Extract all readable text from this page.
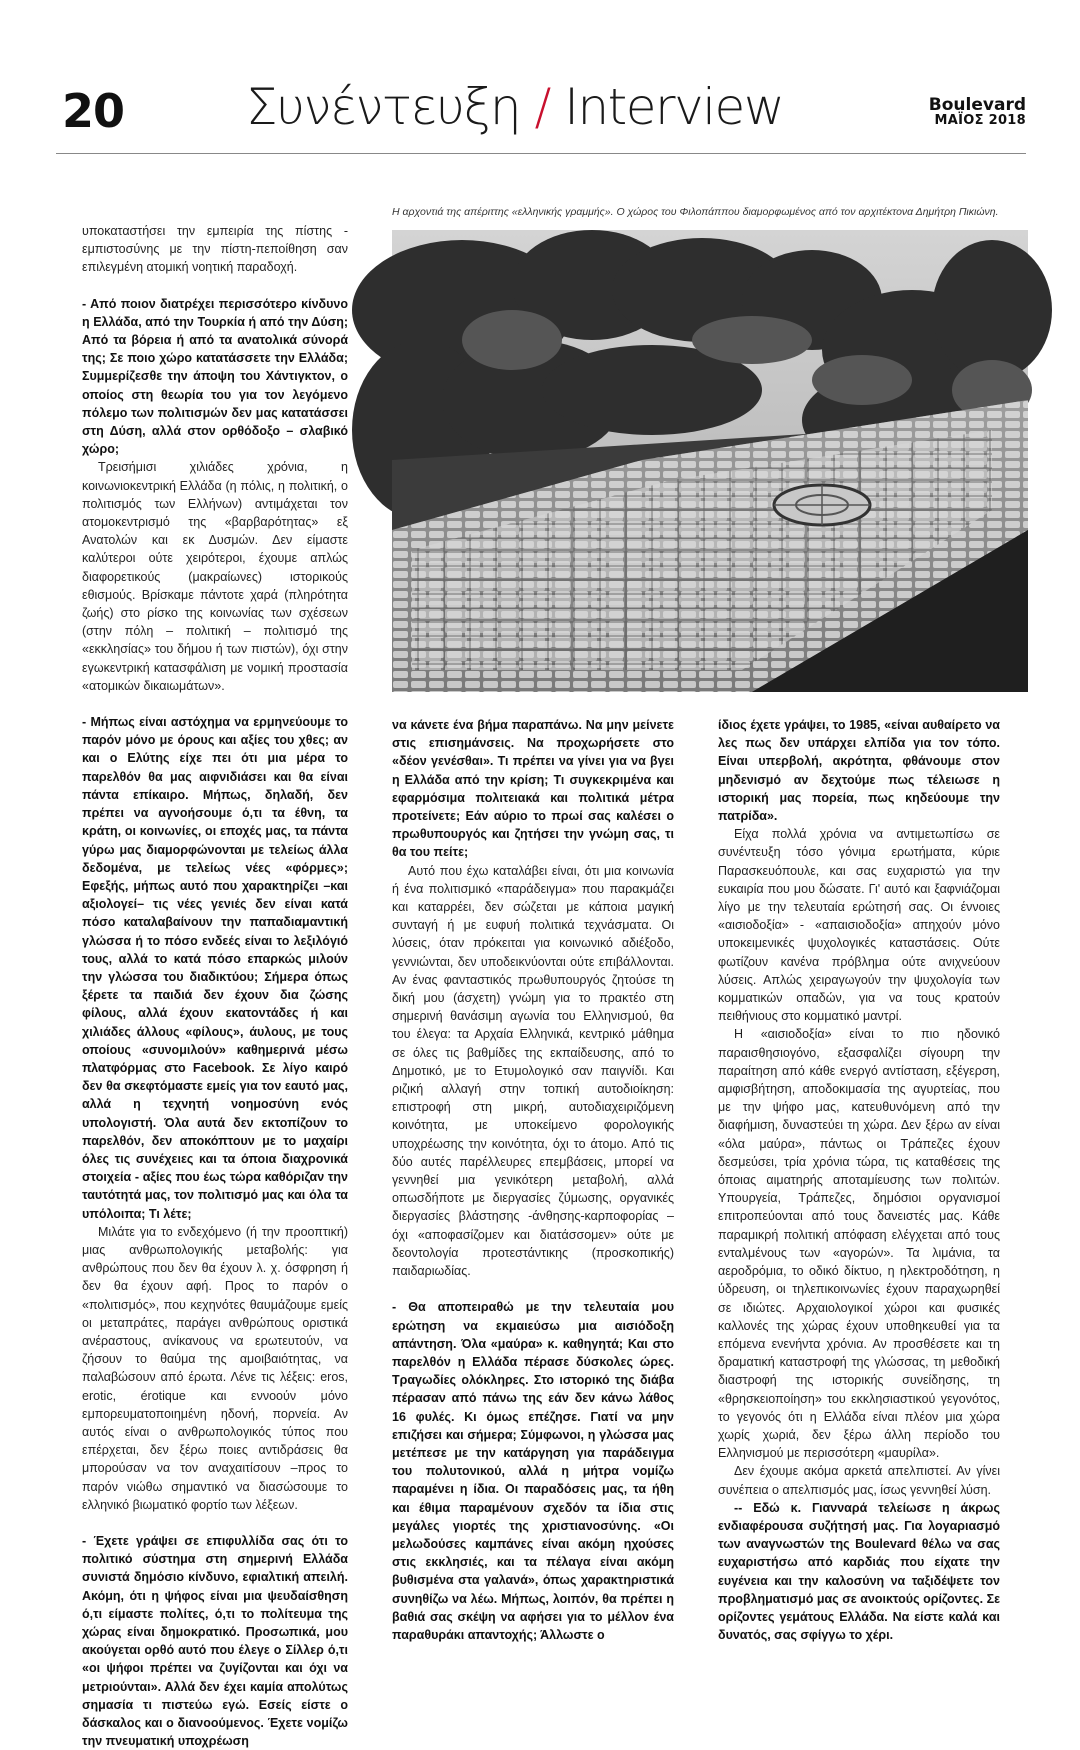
20 Συνέντευξη / Interview	Boulevard
ΜΑΪΟΣ 2018
Η αρχοντιά της απέριττης «ελληνικής γραμμής». Ο χώρος του Φιλοπάππου διαμορφωμένος από τον αρχιτέκτονα Δημήτρη Πικιώνη.

υποκαταστήσει την εμπειρία της πίστης - εμπιστοσύνης με την πίστη-πεποίθηση σαν επιλεγμένη ατομική νοητική παραδοχή.

- Από ποιον διατρέχει περισσότερο κίνδυνο η Ελλάδα, από την Τουρκία ή από την Δύση; Από τα βόρεια ή από τα ανατολικά σύνορά της; Σε ποιο χώρο κατατάσσετε την Ελλάδα; Συμμερίζεσθε την άποψη του Χάντιγκτον, ο οποίος στη θεωρία του για τον λεγόμενο πόλεμο των πολιτισμών δεν μας κατατάσσει στη Δύση, αλλά στον ορθόδοξο – σλαβικό χώρο;

Τρεισήμισι χιλιάδες χρόνια, η κοινωνιοκεντρική Ελλάδα (η πόλις, η πολιτική, ο πολιτισμός των Ελλήνων) αντιμάχεται τον ατομοκεντρισμό της «βαρβαρότητας» εξ Ανατολών και εκ Δυσμών. Δεν είμαστε καλύτεροι ούτε χειρότεροι, έχουμε απλώς διαφορετικούς (μακραίωνες) ιστορικούς εθισμούς. Βρίσκαμε πάντοτε χαρά (πληρότητα ζωής) στο ρίσκο της κοινωνίας των σχέσεων (στην πόλη – πολιτική – πολιτισμό της «εκκλησίας» του δήμου ή των πιστών), όχι στην εγωκεντρική κατασφάλιση με νομική προστασία «ατομικών δικαιωμάτων».

- Μήπως είναι αστόχημα να ερμηνεύουμε το παρόν μόνο με όρους και αξίες του χθες; αν και ο Ελύτης είχε πει ότι μια μέρα το παρελθόν θα μας αιφνιδιάσει και θα είναι πάντα επίκαιρο. Μήπως, δηλαδή, δεν πρέπει να αγνοήσουμε ό,τι τα έθνη, τα κράτη, οι κοινωνίες, οι εποχές μας, τα πάντα γύρω μας διαμορφώνονται με τελείως άλλα δεδομένα, με τελείως νέες «φόρμες»; Εφεξής, μήπως αυτό που χαρακτηρίζει –και αξιολογεί– τις νέες γενιές δεν είναι κατά πόσο καταλαβαίνουν την παπαδιαμαντική γλώσσα ή το πόσο ενδεές είναι το λεξιλόγιό τους, αλλά το κατά πόσο επαρκώς μιλούν την γλώσσα του διαδικτύου; Σήμερα όπως ξέρετε τα παιδιά δεν έχουν δια ζώσης φίλους, αλλά έχουν εκατοντάδες ή και χιλιάδες άλλους «φίλους», άυλους, με τους οποίους «συνομιλούν» καθημερινά μέσω πλατφόρμας στο Facebook. Σε λίγο καιρό δεν θα σκεφτόμαστε εμείς για τον εαυτό μας, αλλά η τεχνητή νοημοσύνη ενός υπολογιστή. Όλα αυτά δεν εκτοπίζουν το παρελθόν, δεν αποκόπτουν με το μαχαίρι όλες τις συνέχειες και τα όποια διαχρονικά στοιχεία - αξίες που έως τώρα καθόριζαν την ταυτότητά μας, τον πολιτισμό μας και όλα τα υπόλοιπα; Τι λέτε;

Μιλάτε για το ενδεχόμενο (ή την προοπτική) μιας ανθρωπολογικής μεταβολής: για ανθρώπους που δεν θα έχουν λ. χ. όσφρηση ή δεν θα έχουν αφή. Προς το παρόν ο «πολιτισμός», που κεχηνότες θαυμάζουμε εμείς οι μεταπράτες, παράγει ανθρώπους οριστικά ανέραστους, ανίκανους να ερωτευτούν, να ζήσουν το θαύμα της αμοιβαιότητας, να παλαβώσουν από έρωτα. Λένε τις λέξεις: eros, erotic, érotique και εννοούν μόνο εμπορευματοποιημένη ηδονή, πορνεία. Αν αυτός είναι ο ανθρωπολογικός τύπος που επέρχεται, δεν ξέρω ποιες αντιδράσεις θα μπορούσαν να τον αναχαιτίσουν –προς το παρόν νιώθω σημαντικό να διασώσουμε το ελληνικό βιωματικό φορτίο των λέξεων.

- Έχετε γράψει σε επιφυλλίδα σας ότι το πολιτικό σύστημα στη σημερινή Ελλάδα συνιστά δημόσιο κίνδυνο, εφιαλτική απειλή. Ακόμη, ότι η ψήφος είναι μια ψευδαίσθηση ό,τι είμαστε πολίτες, ό,τι το πολίτευμα της χώρας είναι δημοκρατικό. Προσωπικά, μου ακούγεται ορθό αυτό που έλεγε ο Σίλλερ ό,τι «οι ψήφοι πρέπει να ζυγίζονται και όχι να μετριούνται». Αλλά δεν έχει καμία απολύτως σημασία τι πιστεύω εγώ. Εσείς είστε ο δάσκαλος και ο διανοούμενος. Έχετε νομίζω την πνευματική υποχρέωση

να κάνετε ένα βήμα παραπάνω. Να μην μείνετε στις επισημάνσεις. Να προχωρήσετε στο «δέον γενέσθαι». Τι πρέπει να γίνει για να βγει η Ελλάδα από την κρίση; Τι συγκεκριμένα και εφαρμόσιμα πολιτειακά και πολιτικά μέτρα προτείνετε; Εάν αύριο το πρωί σας καλέσει ο πρωθυπουργός και ζητήσει την γνώμη σας, τι θα του πείτε;

Αυτό που έχω καταλάβει είναι, ότι μια κοινωνία ή ένα πολιτισμικό «παράδειγμα» που παρακμάζει και καταρρέει, δεν σώζεται με κάποια μαγική συνταγή ή με ευφυή πολιτικά τεχνάσματα. Οι λύσεις, όταν πρόκειται για κοινωνικό αδιέξοδο, γεννιώνται, δεν υποδεικνύονται ούτε επιβάλλονται. Αν ένας φανταστικός πρωθυπουργός ζητούσε τη δική μου (άσχετη) γνώμη για το πρακτέο στη σημερινή θανάσιμη αγωνία του Ελληνισμού, θα του έλεγα: τα Αρχαία Ελληνικά, κεντρικό μάθημα σε όλες τις βαθμίδες της εκπαίδευσης, από το Δημοτικό, με το Ετυμολογικό σαν παιγνίδι. Και ριζική αλλαγή στην τοπική αυτοδιοίκηση: επιστροφή στη μικρή, αυτοδιαχειριζόμενη κοινότητα, με υποκείμενο φορολογικής υποχρέωσης την κοινότητα, όχι το άτομο. Από τις δύο αυτές παρέλλευρες επεμβάσεις, μπορεί να γεννηθεί μια γενικότερη μεταβολή, αλλά οπωσδήποτε με διεργασίες ζύμωσης, οργανικές διεργασίες βλάστησης -άνθησης-καρποφορίας –όχι «αποφασίζομεν και διατάσσομεν» ούτε με δεοντολογία προτεστάντικης (προσκοπικής) παιδαριωδίας.

- Θα αποπειραθώ με την τελευταία μου ερώτηση να εκμαιεύσω μια αισιόδοξη απάντηση. Όλα «μαύρα» κ. καθηγητά; Και στο παρελθόν η Ελλάδα πέρασε δύσκολες ώρες. Τραγωδίες ολόκληρες. Στο ιστορικό της διάβα πέρασαν από πάνω της εάν δεν κάνω λάθος 16 φυλές. Κι όμως επέζησε. Γιατί να μην επιζήσει και σήμερα; Σύμφωνοι, η γλώσσα μας μετέπεσε με την κατάργηση για παράδειγμα του πολυτονικού, αλλά η μήτρα νομίζω παραμένει η ίδια. Οι παραδόσεις μας, τα ήθη και έθιμα παραμένουν σχεδόν τα ίδια στις μεγάλες γιορτές της χριστιανοσύνης. «Οι μελωδούσες καμπάνες είναι ακόμη ηχούσες στις εκκλησιές, και τα πέλαγα είναι ακόμη βυθισμένα στα γαλανά», όπως χαρακτηριστικά συνηθίζω να λέω. Μήπως, λοιπόν, θα πρέπει η βαθιά σας σκέψη να αφήσει για το μέλλον ένα παραθυράκι απαντοχής; Άλλωστε ο

ίδιος έχετε γράψει, το 1985, «είναι αυθαίρετο να λες πως δεν υπάρχει ελπίδα για τον τόπο. Είναι υπερβολή, ακρότητα, φθάνουμε στον μηδενισμό αν δεχτούμε πως τέλειωσε η ιστορική μας πορεία, πως κηδεύουμε την πατρίδα».

Είχα πολλά χρόνια να αντιμετωπίσω σε συνέντευξη τόσο γόνιμα ερωτήματα, κύριε Παρασκευόπουλε, και σας ευχαριστώ για την ευκαιρία που μου δώσατε. Γι' αυτό και ξαφνιάζομαι λίγο με την τελευταία ερώτησή σας. Οι έννοιες «αισιοδοξία» - «απαισιοδοξία» απηχούν μόνο υποκειμενικές ψυχολογικές καταστάσεις. Ούτε φωτίζουν κανένα πρόβλημα ούτε ανιχνεύουν λύσεις. Απλώς χειραγωγούν την ψυχολογία των κομματικών οπαδών, για να τους κρατούν πειθήνιους στο κομματικό μαντρί.

Η «αισιοδοξία» είναι το πιο ηδονικό παραισθησιογόνο, εξασφαλίζει σίγουρη την παραίτηση από κάθε ενεργό αντίσταση, εξέγερση, αμφισβήτηση, αποδοκιμασία της αγυρτείας, που με την ψήφο μας, κατευθυνόμενη από την διαφήμιση, δυναστεύει τη χώρα. Δεν ξέρω αν είναι «όλα μαύρα», πάντως οι Τράπεζες έχουν δεσμεύσει, τρία χρόνια τώρα, τις καταθέσεις της όποιας αιματηρής αποταμίευσης των πολιτών. Υπουργεία, Τράπεζες, δημόσιοι οργανισμοί επιτροπεύονται από τους δανειστές μας. Κάθε παραμικρή πολιτική απόφαση ελέγχεται από τους ενταλμένους των «αγορών». Τα λιμάνια, τα αεροδρόμια, το οδικό δίκτυο, η ηλεκτροδότηση, η ύδρευση, οι τηλεπικοινωνίες έχουν παραχωρηθεί σε ιδιώτες. Αρχαιολογικοί χώροι και φυσικές καλλονές της χώρας έχουν υποθηκευθεί για τα επόμενα ενενήντα χρόνια. Αν προσθέσετε και τη δραματική καταστροφή της γλώσσας, τη μεθοδική διαστροφή της ιστορικής συνείδησης, τη «θρησκειοποίηση» του εκκλησιαστικού γεγονότος, το γεγονός ότι η Ελλάδα είναι πλέον μια χώρα χωρίς χωριά, δεν ξέρω άλλη περίοδο του Ελληνισμού με περισσότερη «μαυρίλα».

Δεν έχουμε ακόμα αρκετά απελπιστεί. Αν γίνει συνέπεια ο απελπισμός μας, ίσως γεννηθεί λύση.

-- Εδώ κ. Γιανναρά τελείωσε η άκρως ενδιαφέρουσα συζήτησή μας. Για λογαριασμό των αναγνωστών της Boulevard θέλω να σας ευχαριστήσω από καρδιάς που είχατε την ευγένεια και την καλοσύνη να ταξιδέψετε τον προβληματισμό μας σε ανοικτούς ορίζοντες. Σε ορίζοντες γεμάτους Ελλάδα. Να είστε καλά και δυνατός, σας σφίγγω το χέρι.
